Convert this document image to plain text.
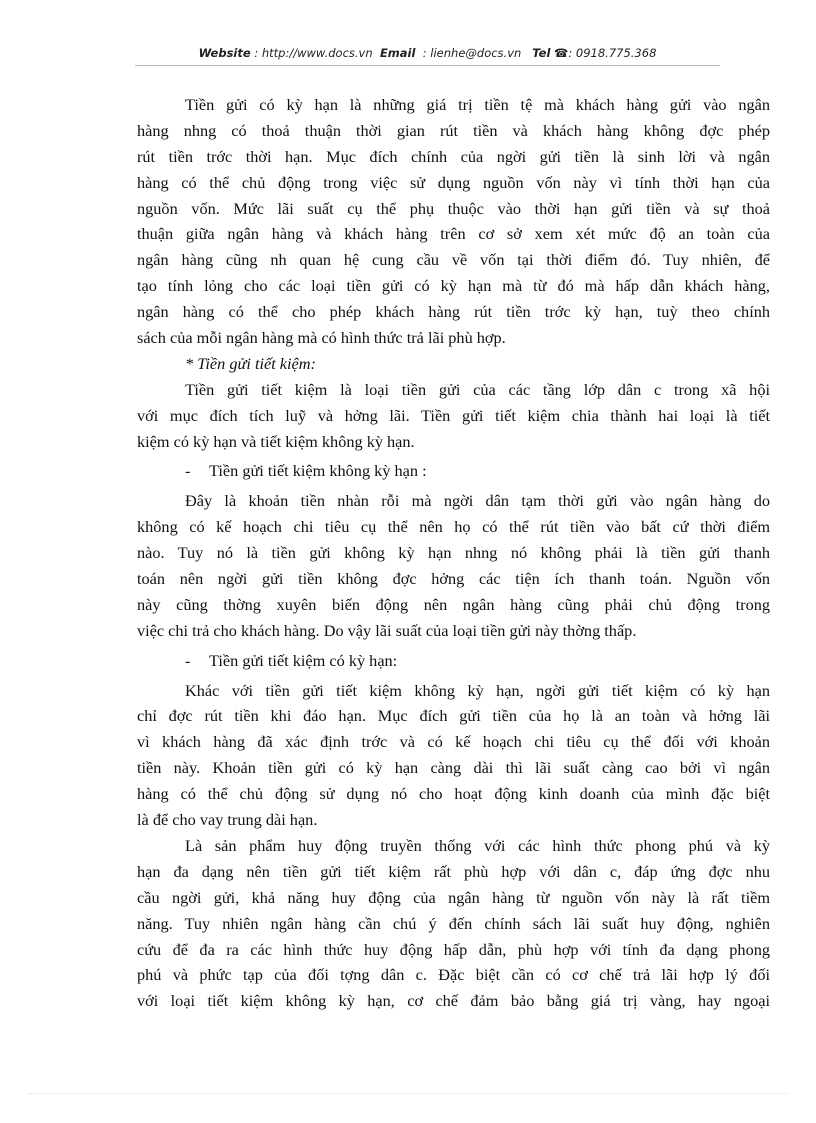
Website : http://www.docs.vn Email : lienhe@docs.vn Tel ☎: 0918.775.368
Tiền gửi có kỳ hạn là những giá trị tiền tệ mà khách hàng gửi vào ngân
hàng nhng có thoả thuận thời gian rút tiền và khách hàng không đợc phép
rút tiền trớc thời hạn. Mục đích chính của ngời gửi tiền là sinh lời và ngân
hàng có thể chủ động trong việc sử dụng nguồn vốn này vì tính thời hạn của
nguồn vốn. Mức lãi suất cụ thể phụ thuộc vào thời hạn gửi tiền và sự thoả
thuận giữa ngân hàng và khách hàng trên cơ sở xem xét mức độ an toàn của
ngân hàng cũng nh quan hệ cung cầu về vốn tại thời điểm đó. Tuy nhiên, để
tạo tính lỏng cho các loại tiền gửi có kỳ hạn mà từ đó mà hấp dẫn khách hàng,
ngân hàng có thể cho phép khách hàng rút tiền trớc kỳ hạn, tuỳ theo chính
sách của mỗi ngân hàng mà có hình thức trả lãi phù hợp.
* Tiền gửi tiết kiệm:
Tiền gửi tiết kiệm là loại tiền gửi của các tầng lớp dân c trong xã hội
với mục đích tích luỹ và hởng lãi. Tiền gửi tiết kiệm chia thành hai loại là tiết
kiệm có kỳ hạn và tiết kiệm không kỳ hạn.
- Tiền gửi tiết kiệm không kỳ hạn :
Đây là khoản tiền nhàn rỗi mà ngời dân tạm thời gửi vào ngân hàng do
không có kế hoạch chi tiêu cụ thể nên họ có thể rút tiền vào bất cứ thời điểm
nào. Tuy nó là tiền gửi không kỳ hạn nhng nó không phải là tiền gửi thanh
toán nên ngời gửi tiền không đợc hởng các tiện ích thanh toán. Nguồn vốn
này cũng thờng xuyên biến động nên ngân hàng cũng phải chủ động trong
việc chi trả cho khách hàng. Do vậy lãi suất của loại tiền gửi này thờng thấp.
- Tiền gửi tiết kiệm có kỳ hạn:
Khác với tiền gửi tiết kiệm không kỳ hạn, ngời gửi tiết kiệm có kỳ hạn
chỉ đợc rút tiền khi đáo hạn. Mục đích gửi tiền của họ là an toàn và hởng lãi
vì khách hàng đã xác định trớc và có kế hoạch chi tiêu cụ thể đối với khoản
tiền này. Khoản tiền gửi có kỳ hạn càng dài thì lãi suất càng cao bởi vì ngân
hàng có thể chủ động sử dụng nó cho hoạt động kinh doanh của mình đặc biệt
là để cho vay trung dài hạn.
Là sản phẩm huy động truyền thống với các hình thức phong phú và kỳ
hạn đa dạng nên tiền gửi tiết kiệm rất phù hợp với dân c, đáp ứng đợc nhu
cầu ngời gửi, khả năng huy động của ngân hàng từ nguồn vốn này là rất tiềm
năng. Tuy nhiên ngân hàng cần chú ý đến chính sách lãi suất huy động, nghiên
cứu để đa ra các hình thức huy động hấp dẫn, phù hợp với tính đa dạng phong
phú và phức tạp của đối tợng dân c. Đặc biệt cần có cơ chế trả lãi hợp lý đối
với loại tiết kiệm không kỳ hạn, cơ chế đảm bảo bằng giá trị vàng, hay ngoại
